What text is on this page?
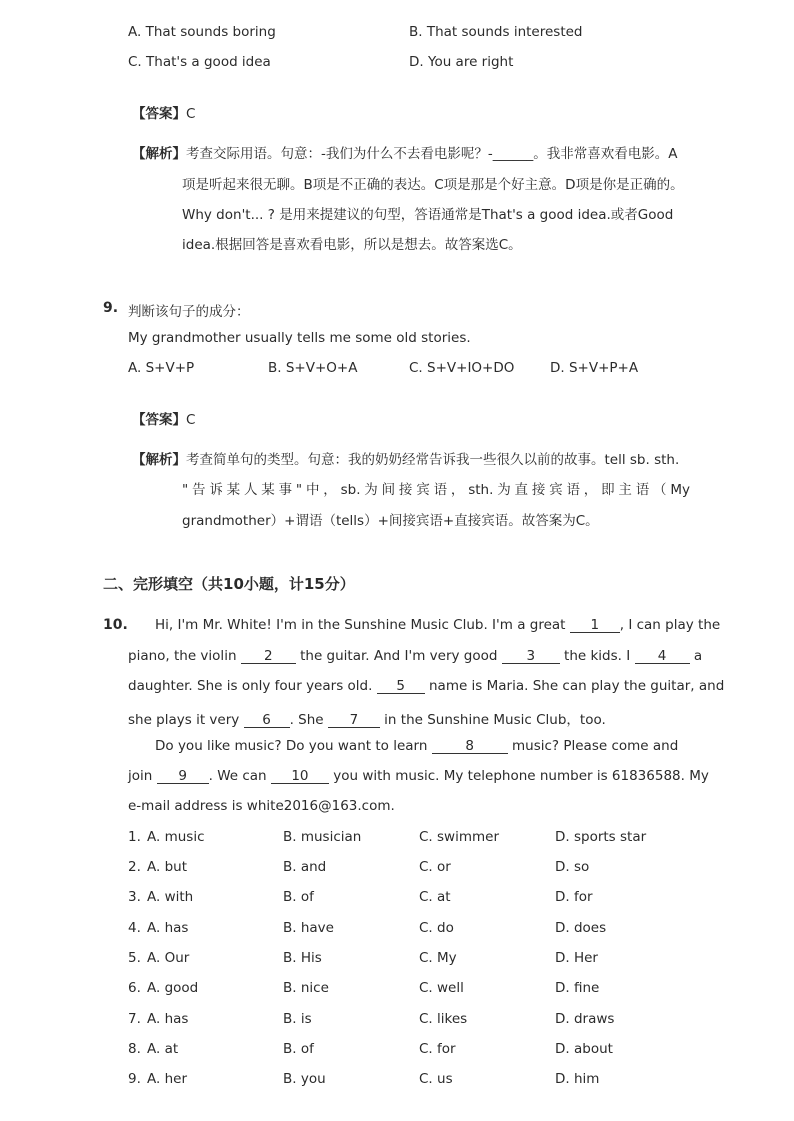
A. That sounds boring	B. That sounds interested
C. That's a good idea	D. You are right
【答案】C
【解析】考查交际用语。句意：-我们为什么不去看电影呢？-______。我非常喜欢看电影。A
项是听起来很无聊。B项是不正确的表达。C项是那是个好主意。D项是你是正确的。
Why don't... ? 是用来提建议的句型，答语通常是That's a good idea.或者Good
idea.根据回答是喜欢看电影，所以是想去。故答案选C。
9. 判断该句子的成分：
My grandmother usually tells me some old stories.
A. S+V+P	B. S+V+O+A	C. S+V+IO+DO	D. S+V+P+A
【答案】C
【解析】考查简单句的类型。句意：我的奶奶经常告诉我一些很久以前的故事。tell sb. sth.
"告诉某人某事"中，sb.为间接宾语，sth.为直接宾语，即主语（My
grandmother）+谓语（tells）+间接宾语+直接宾语。故答案为C。
二、完形填空（共10小题，计15分）
10. Hi, I'm Mr. White! I'm in the Sunshine Music Club. I'm a great 1 , I can play the
piano, the violin 2 the guitar. And I'm very good 3 the kids. I 4 a
daughter. She is only four years old. 5 name is Maria. She can play the guitar, and
she plays it very 6 . She 7 in the Sunshine Music Club，too.
Do you like music? Do you want to learn	8	music? Please come and
join 9 . We can 10 you with music. My telephone number is 61836588. My
e-mail address is white2016@163.com.
1. A. music	B. musician	C. swimmer	D. sports star
2. A. but	B. and	C. or	D. so
3. A. with	B. of	C. at	D. for
4. A. has	B. have	C. do	D. does
5. A. Our	B. His	C. My	D. Her
6. A. good	B. nice	C. well	D. fine
7. A. has	B. is	C. likes	D. draws
8. A. at	B. of	C. for	D. about
9. A. her	B. you	C. us	D. him
